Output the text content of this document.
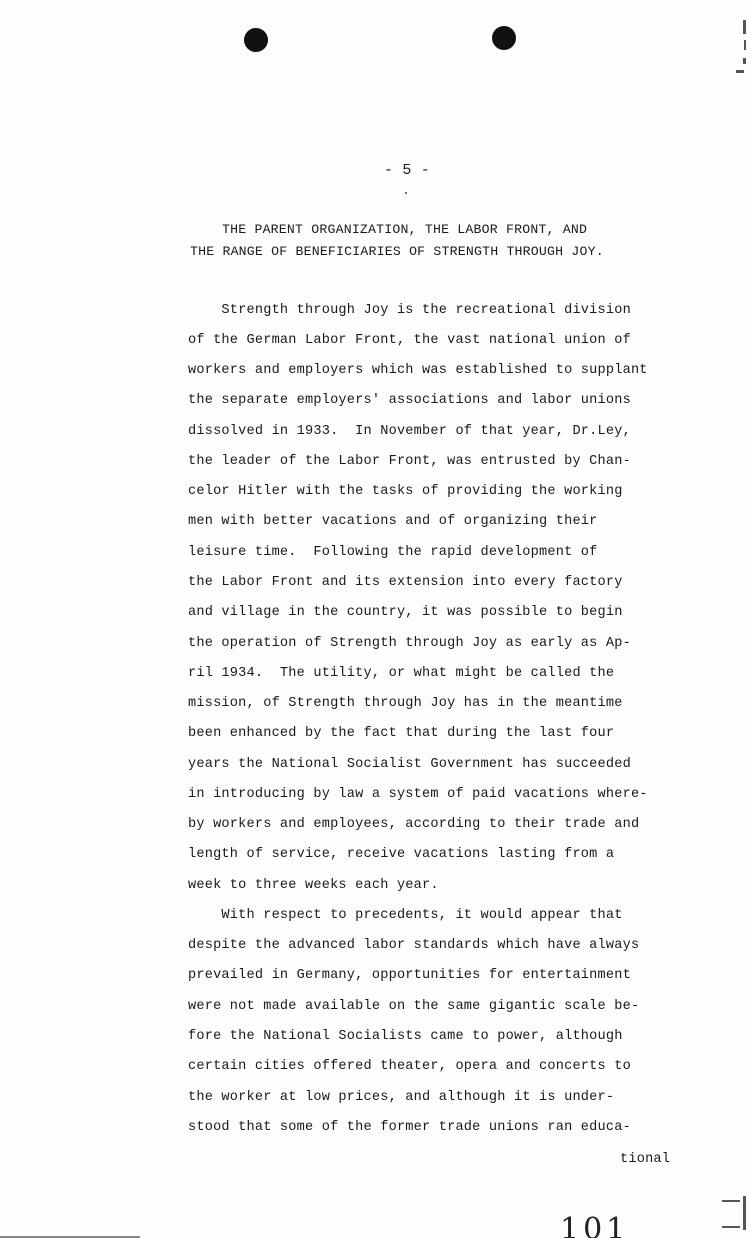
- 5 -
THE PARENT ORGANIZATION, THE LABOR FRONT, AND
THE RANGE OF BENEFICIARIES OF STRENGTH THROUGH JOY.
Strength through Joy is the recreational division
of the German Labor Front, the vast national union of
workers and employers which was established to supplant
the separate employers' associations and labor unions
dissolved in 1933.  In November of that year, Dr.Ley,
the leader of the Labor Front, was entrusted by Chan-
celor Hitler with the tasks of providing the working
men with better vacations and of organizing their
leisure time.  Following the rapid development of
the Labor Front and its extension into every factory
and village in the country, it was possible to begin
the operation of Strength through Joy as early as Ap-
ril 1934.  The utility, or what might be called the
mission, of Strength through Joy has in the meantime
been enhanced by the fact that during the last four
years the National Socialist Government has succeeded
in introducing by law a system of paid vacations where-
by workers and employees, according to their trade and
length of service, receive vacations lasting from a
week to three weeks each year.
With respect to precedents, it would appear that
despite the advanced labor standards which have always
prevailed in Germany, opportunities for entertainment
were not made available on the same gigantic scale be-
fore the National Socialists came to power, although
certain cities offered theater, opera and concerts to
the worker at low prices, and although it is under-
stood that some of the former trade unions ran educa-
tional
101
